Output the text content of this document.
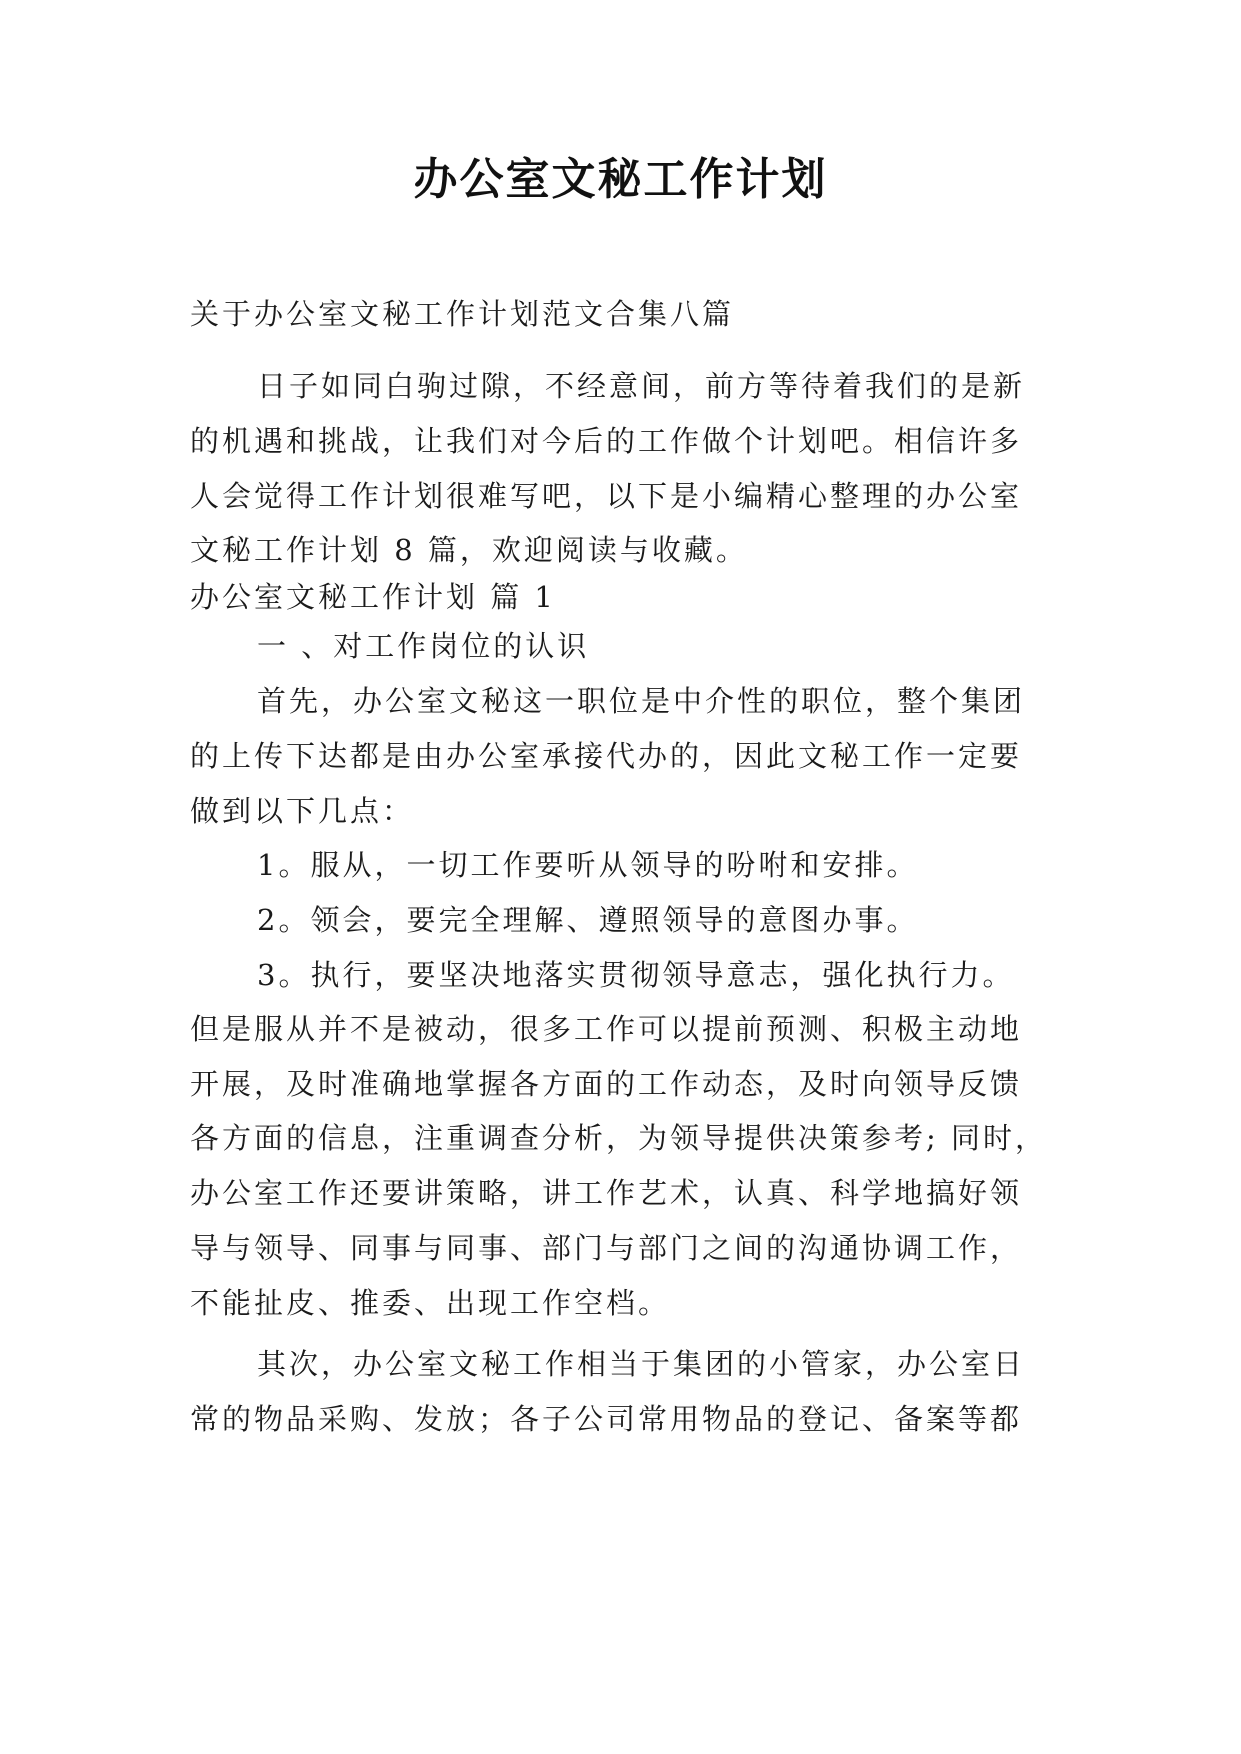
办公室文秘工作计划
关于办公室文秘工作计划范文合集八篇
日子如同白驹过隙，不经意间，前方等待着我们的是新
的机遇和挑战，让我们对今后的工作做个计划吧。相信许多
人会觉得工作计划很难写吧，以下是小编精心整理的办公室
文秘工作计划 8 篇，欢迎阅读与收藏。
办公室文秘工作计划 篇 1
一 、对工作岗位的认识
首先，办公室文秘这一职位是中介性的职位，整个集团
的上传下达都是由办公室承接代办的，因此文秘工作一定要
做到以下几点：
1。服从，一切工作要听从领导的吩咐和安排。
2。领会，要完全理解、遵照领导的意图办事。
3。执行，要坚决地落实贯彻领导意志，强化执行力。
但是服从并不是被动，很多工作可以提前预测、积极主动地
开展，及时准确地掌握各方面的工作动态，及时向领导反馈
各方面的信息，注重调查分析，为领导提供决策参考; 同时，
办公室工作还要讲策略，讲工作艺术，认真、科学地搞好领
导与领导、同事与同事、部门与部门之间的沟通协调工作，
不能扯皮、推委、出现工作空档。
其次，办公室文秘工作相当于集团的小管家，办公室日
常的物品采购、发放；各子公司常用物品的登记、备案等都
